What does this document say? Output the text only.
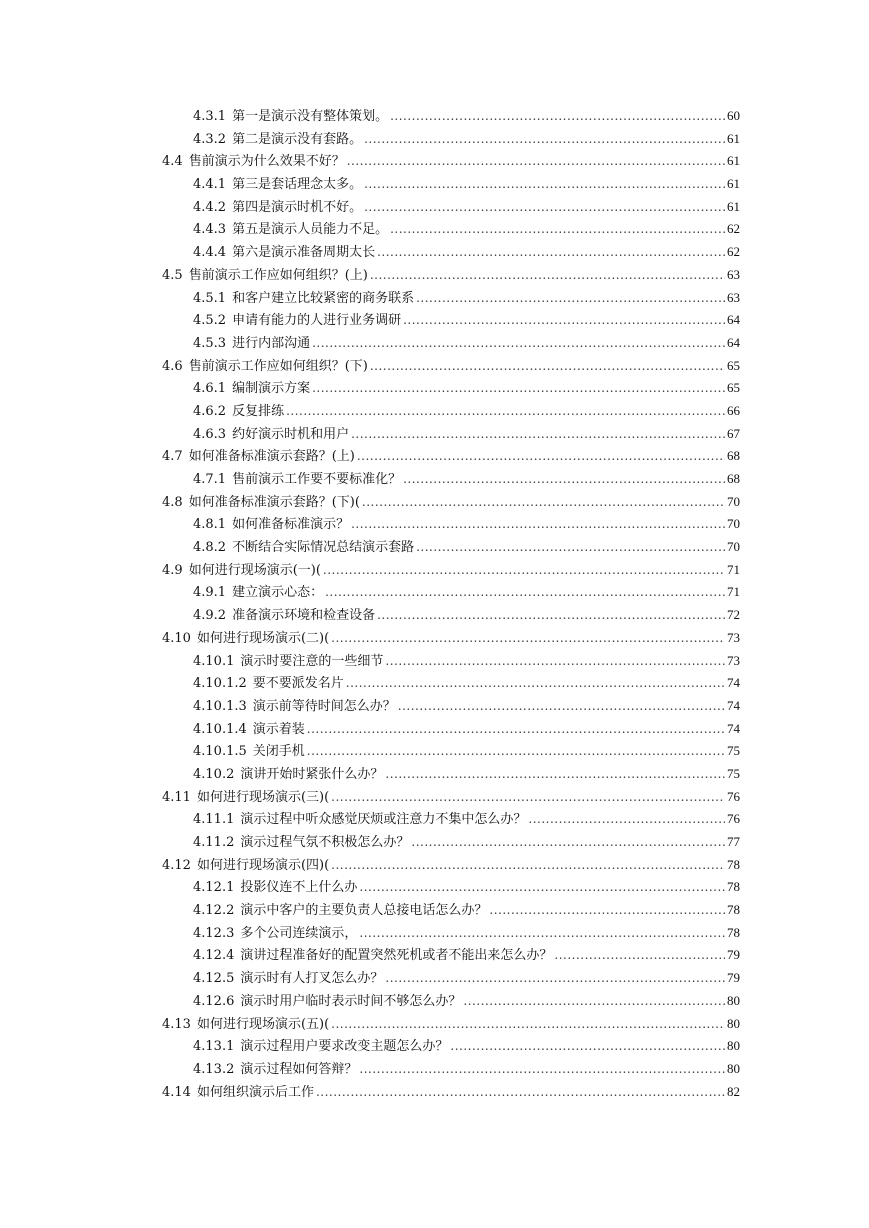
4.3.1 第一是演示没有整体策划。 .....	60
4.3.2 第二是演示没有套路。 .....	61
4.4 售前演示为什么效果不好？ .....	61
4.4.1 第三是套话理念太多。 .....	61
4.4.2 第四是演示时机不好。 .....	61
4.4.3 第五是演示人员能力不足。 .....	62
4.4.4 第六是演示准备周期太长 .....	62
4.5 售前演示工作应如何组织？(上) .....	63
4.5.1 和客户建立比较紧密的商务联系 .....	63
4.5.2 申请有能力的人进行业务调研 .....	64
4.5.3 进行内部沟通 .....	64
4.6 售前演示工作应如何组织？(下) .....	65
4.6.1 编制演示方案 .....	65
4.6.2 反复排练 .....	66
4.6.3 约好演示时机和用户 .....	67
4.7 如何准备标准演示套路？(上) .....	68
4.7.1 售前演示工作要不要标准化？ .....	68
4.8 如何准备标准演示套路？(下)( .....	70
4.8.1 如何准备标准演示？ .....	70
4.8.2 不断结合实际情况总结演示套路 .....	70
4.9 如何进行现场演示(一)( .....	71
4.9.1 建立演示心态： .....	71
4.9.2 准备演示环境和检查设备 .....	72
4.10 如何进行现场演示(二)( .....	73
4.10.1 演示时要注意的一些细节 .....	73
4.10.1.2 要不要派发名片 .....	74
4.10.1.3 演示前等待时间怎么办？ .....	74
4.10.1.4 演示着装 .....	74
4.10.1.5 关闭手机 .....	75
4.10.2 演讲开始时紧张什么办？ .....	75
4.11 如何进行现场演示(三)( .....	76
4.11.1 演示过程中听众感觉厌烦或注意力不集中怎么办？ .....	76
4.11.2 演示过程气氛不积极怎么办？ .....	77
4.12 如何进行现场演示(四)( .....	78
4.12.1 投影仪连不上什么办 .....	78
4.12.2 演示中客户的主要负责人总接电话怎么办？ .....	78
4.12.3 多个公司连续演示， .....	78
4.12.4 演讲过程准备好的配置突然死机或者不能出来怎么办？ .....	79
4.12.5 演示时有人打叉怎么办？ .....	79
4.12.6 演示时用户临时表示时间不够怎么办？ .....	80
4.13 如何进行现场演示(五)( .....	80
4.13.1 演示过程用户要求改变主题怎么办？ .....	80
4.13.2 演示过程如何答辩？ .....	80
4.14 如何组织演示后工作 .....	82
